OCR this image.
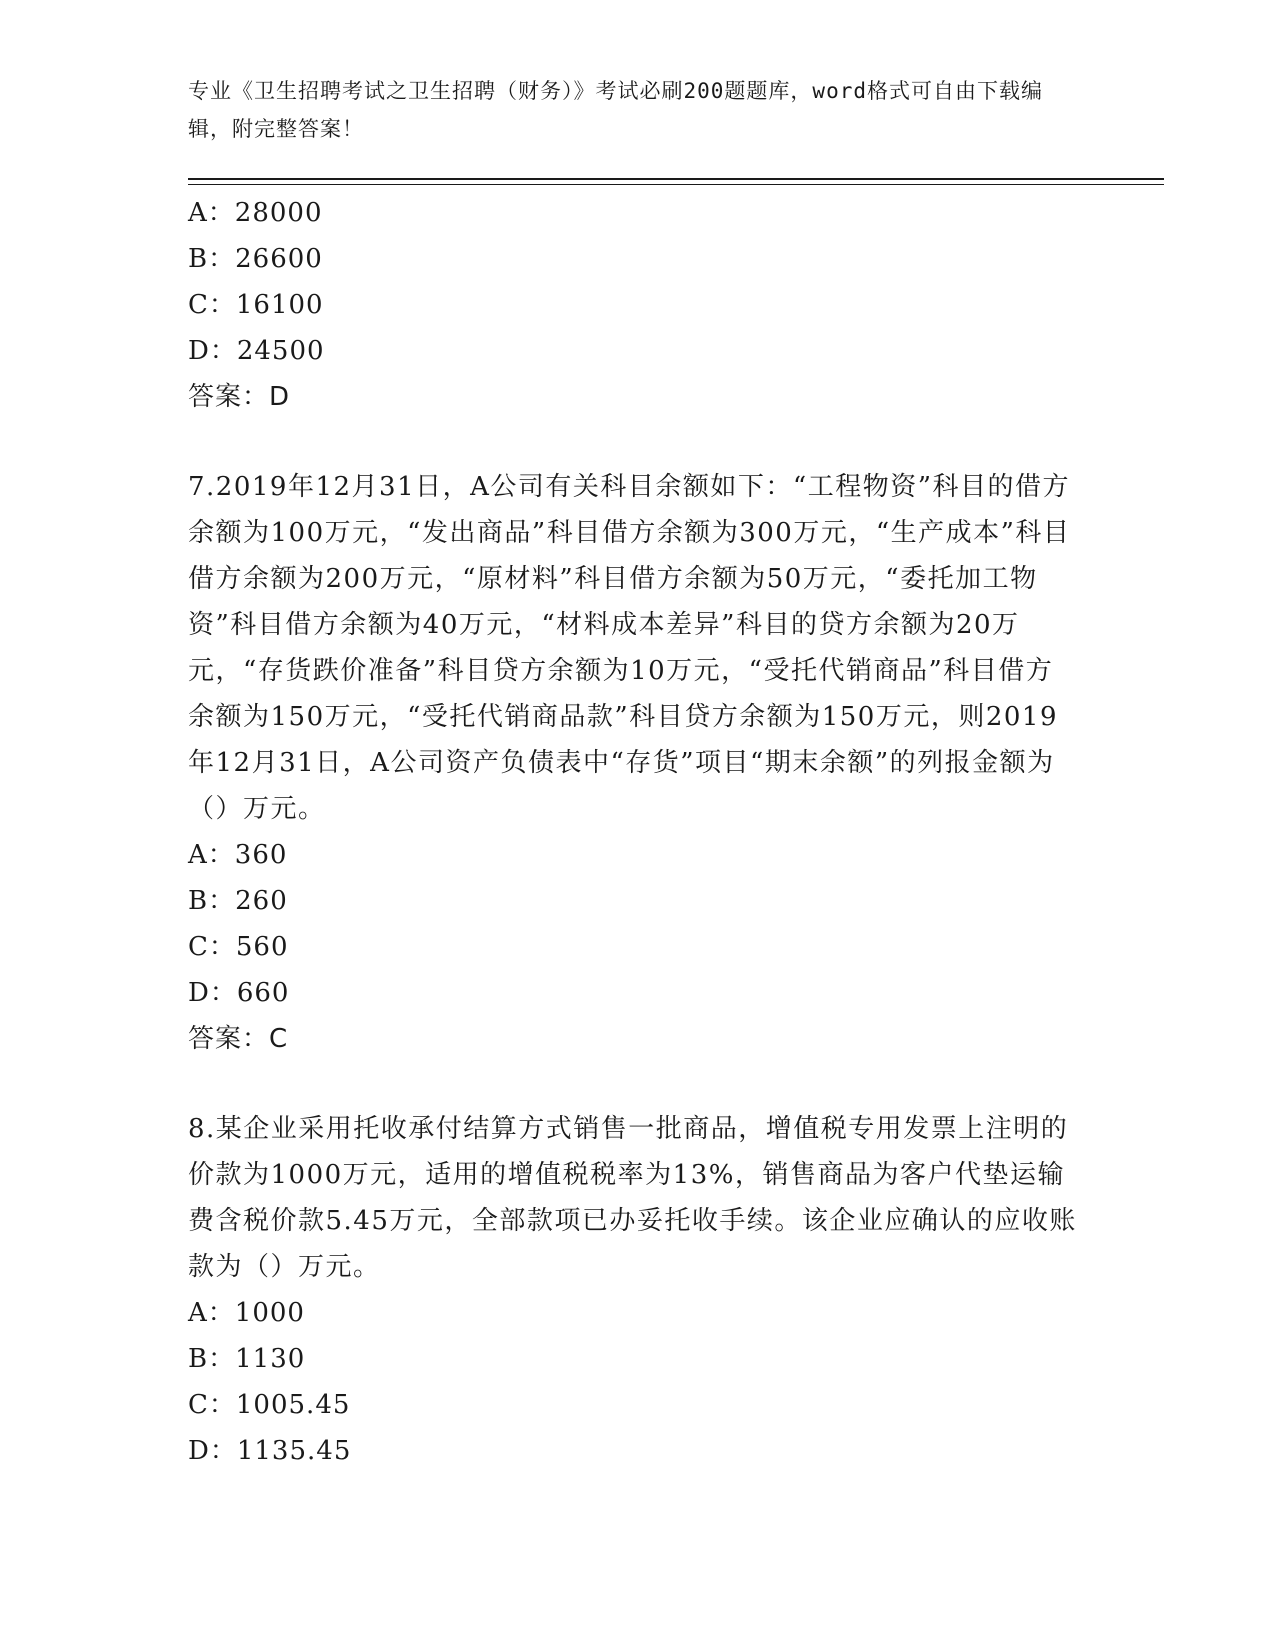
专业《卫生招聘考试之卫生招聘（财务）》考试必刷200题题库，word格式可自由下载编辑，附完整答案！
A：28000
B：26600
C：16100
D：24500
答案：D
7.2019年12月31日，A公司有关科目余额如下：“工程物资”科目的借方余额为100万元，“发出商品”科目借方余额为300万元，“生产成本”科目借方余额为200万元，“原材料”科目借方余额为50万元，“委托加工物资”科目借方余额为40万元，“材料成本差异”科目的贷方余额为20万元，“存货跌价准备”科目贷方余额为10万元，“受托代销商品”科目借方余额为150万元，“受托代销商品款”科目贷方余额为150万元，则2019年12月31日，A公司资产负债表中“存货”项目“期末余额”的列报金额为（）万元。
A：360
B：260
C：560
D：660
答案：C
8.某企业采用托收承付结算方式销售一批商品，增值税专用发票上注明的价款为1000万元，适用的增值税税率为13%，销售商品为客户代垫运输费含税价款5.45万元，全部款项已办妥托收手续。该企业应确认的应收账款为（）万元。
A：1000
B：1130
C：1005.45
D：1135.45
